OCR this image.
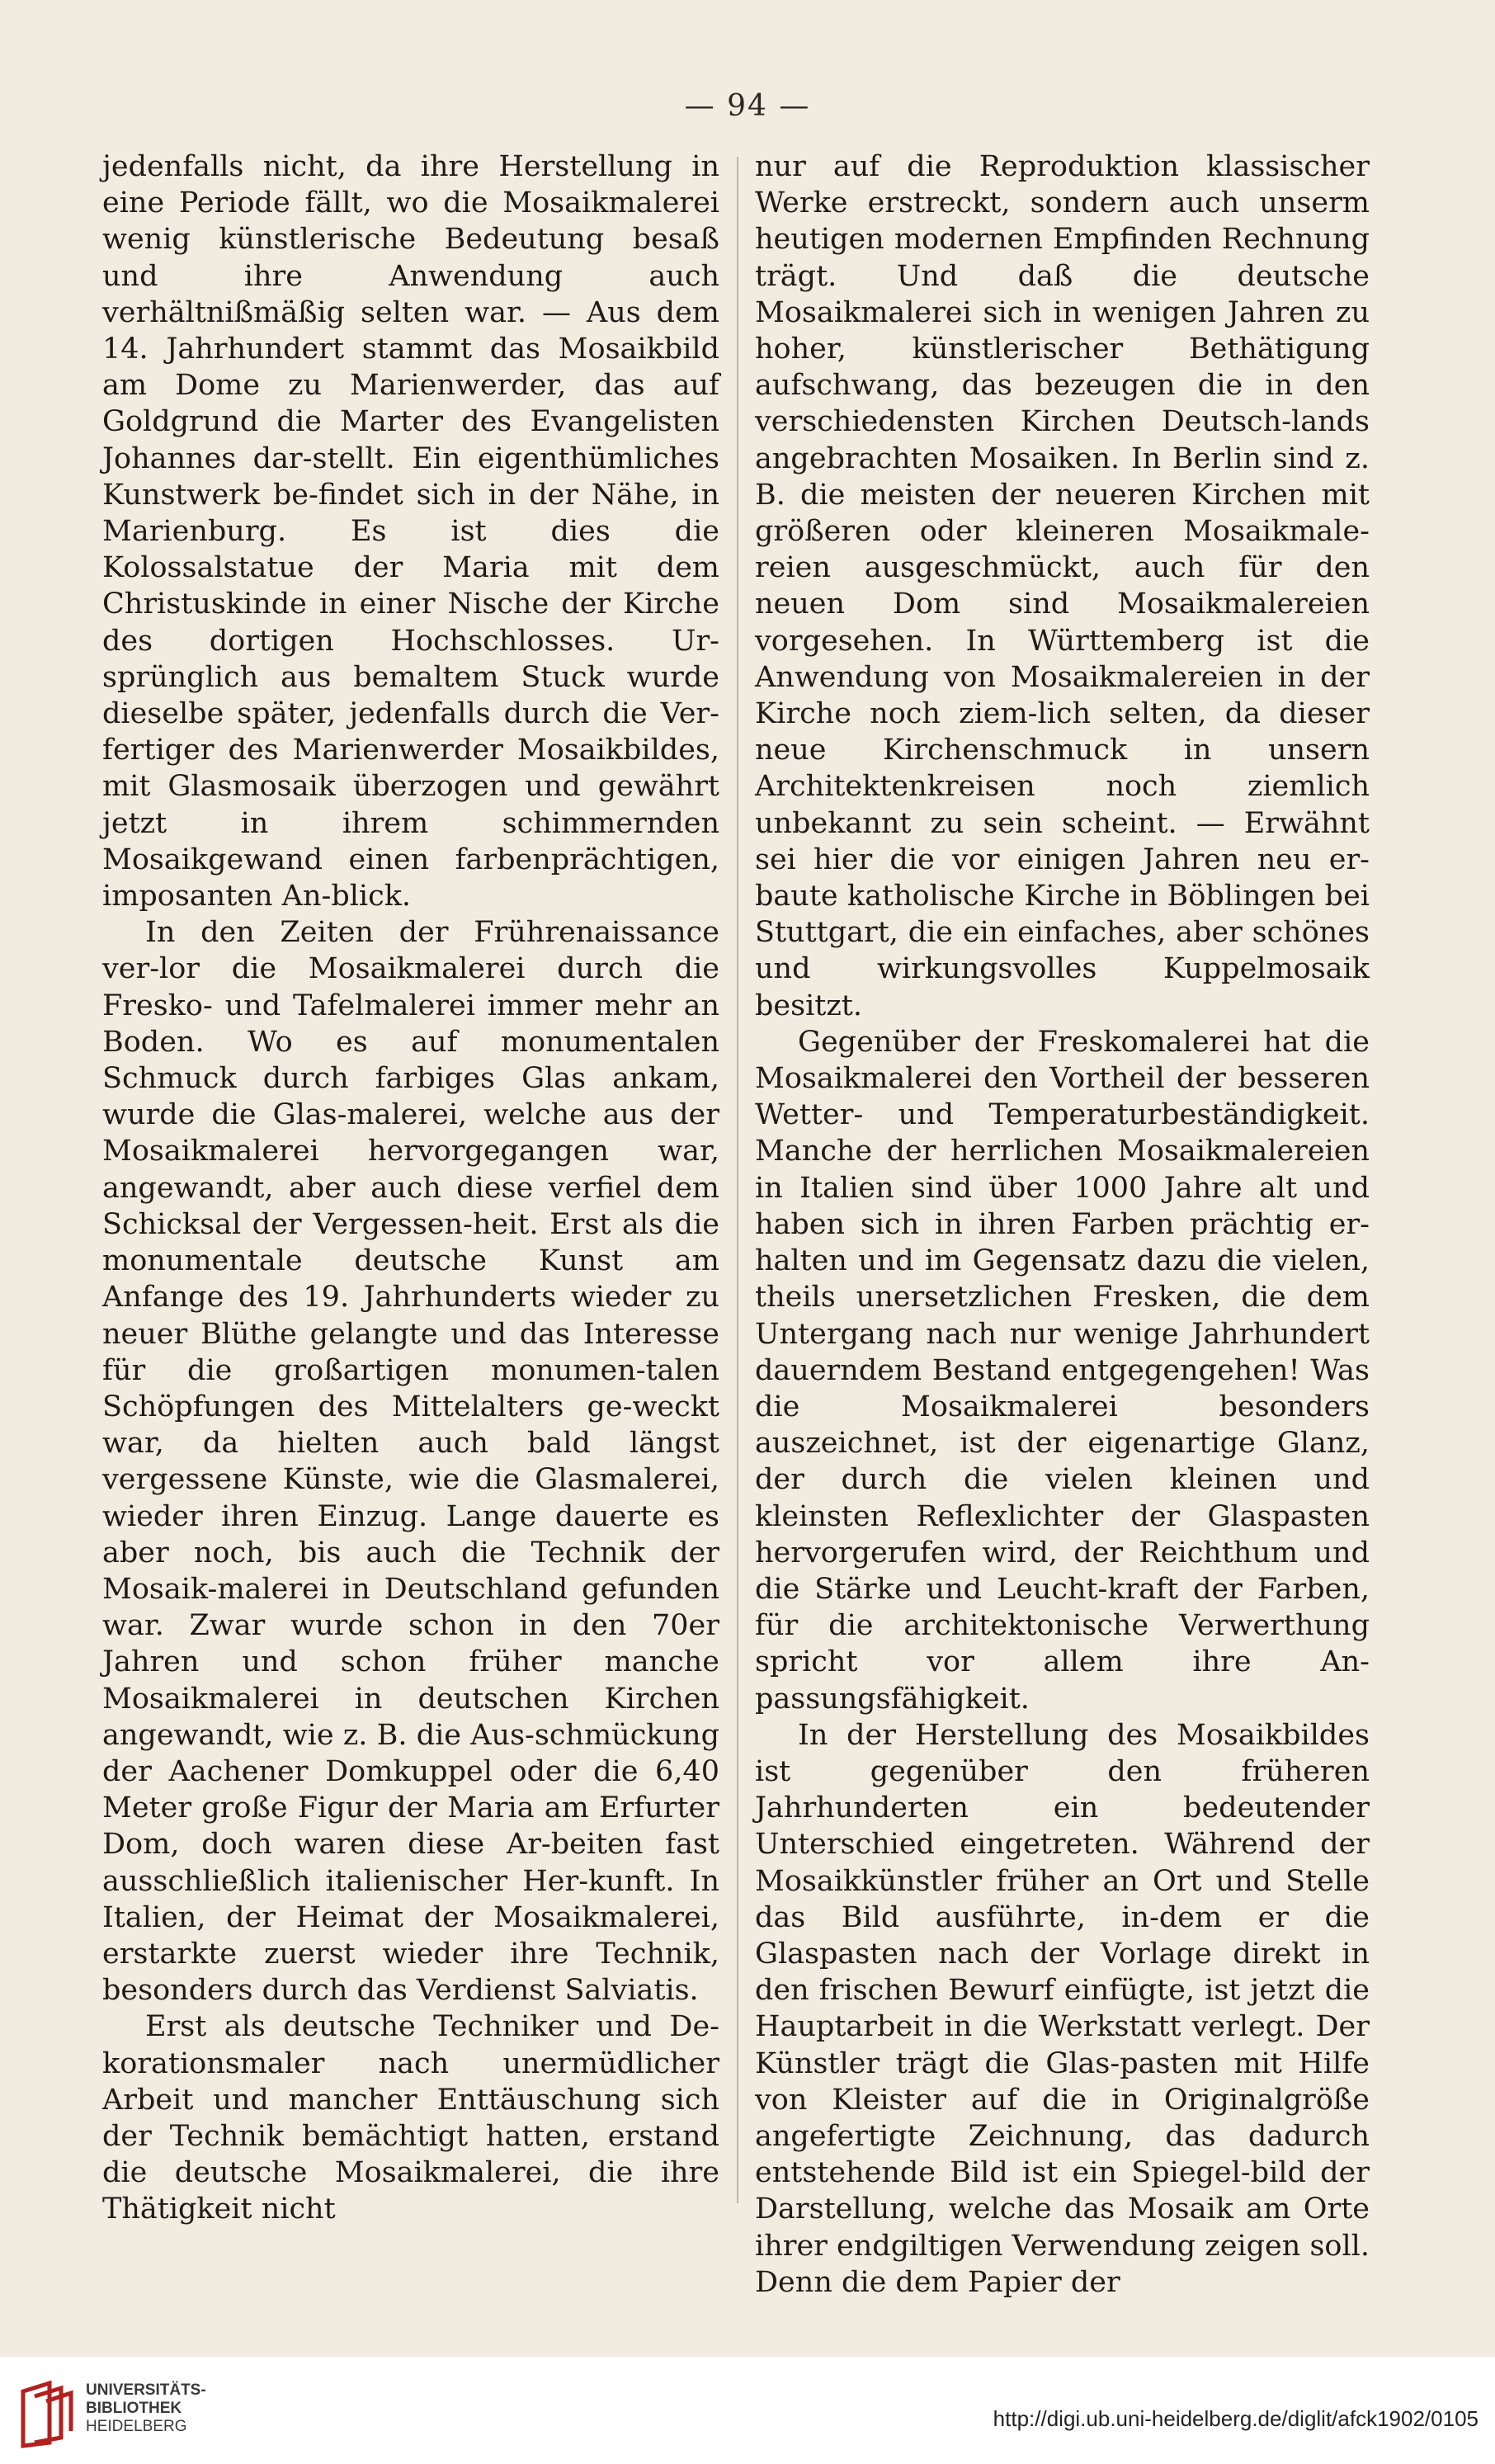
— 94 —

jedenfalls nicht, da ihre Herstellung in eine Periode fällt, wo die Mosaikmalerei wenig künstlerische Bedeutung besaß und ihre Anwendung auch verhältnißmäßig selten war. — Aus dem 14. Jahrhundert stammt das Mosaikbild am Dome zu Marienwerder, das auf Goldgrund die Marter des Evangelisten Johannes dar-stellt. Ein eigenthümliches Kunstwerk be-findet sich in der Nähe, in Marienburg. Es ist dies die Kolossalstatue der Maria mit dem Christuskinde in einer Nische der Kirche des dortigen Hochschlosses. Ur-sprünglich aus bemaltem Stuck wurde dieselbe später, jedenfalls durch die Ver-fertiger des Marienwerder Mosaikbildes, mit Glasmosaik überzogen und gewährt jetzt in ihrem schimmernden Mosaikgewand einen farbenprächtigen, imposanten An-blick.

In den Zeiten der Frührenaissance ver-lor die Mosaikmalerei durch die Fresko- und Tafelmalerei immer mehr an Boden. Wo es auf monumentalen Schmuck durch farbiges Glas ankam, wurde die Glas-malerei, welche aus der Mosaikmalerei hervorgegangen war, angewandt, aber auch diese verfiel dem Schicksal der Vergessen-heit. Erst als die monumentale deutsche Kunst am Anfange des 19. Jahrhunderts wieder zu neuer Blüthe gelangte und das Interesse für die großartigen monumen-talen Schöpfungen des Mittelalters ge-weckt war, da hielten auch bald längst vergessene Künste, wie die Glasmalerei, wieder ihren Einzug. Lange dauerte es aber noch, bis auch die Technik der Mosaik-malerei in Deutschland gefunden war. Zwar wurde schon in den 70er Jahren und schon früher manche Mosaikmalerei in deutschen Kirchen angewandt, wie z. B. die Aus-schmückung der Aachener Domkuppel oder die 6,40 Meter große Figur der Maria am Erfurter Dom, doch waren diese Ar-beiten fast ausschließlich italienischer Her-kunft. In Italien, der Heimat der Mosaikmalerei, erstarkte zuerst wieder ihre Technik, besonders durch das Verdienst Salviatis.

Erst als deutsche Techniker und De-korationsmaler nach unermüdlicher Arbeit und mancher Enttäuschung sich der Technik bemächtigt hatten, erstand die deutsche Mosaikmalerei, die ihre Thätigkeit nicht

nur auf die Reproduktion klassischer Werke erstreckt, sondern auch unserm heutigen modernen Empfinden Rechnung trägt. Und daß die deutsche Mosaikmalerei sich in wenigen Jahren zu hoher, künstlerischer Bethätigung aufschwang, das bezeugen die in den verschiedensten Kirchen Deutsch-lands angebrachten Mosaiken. In Berlin sind z. B. die meisten der neueren Kirchen mit größeren oder kleineren Mosaikmale-reien ausgeschmückt, auch für den neuen Dom sind Mosaikmalereien vorgesehen. In Württemberg ist die Anwendung von Mosaikmalereien in der Kirche noch ziem-lich selten, da dieser neue Kirchenschmuck in unsern Architektenkreisen noch ziemlich unbekannt zu sein scheint. — Erwähnt sei hier die vor einigen Jahren neu er-baute katholische Kirche in Böblingen bei Stuttgart, die ein einfaches, aber schönes und wirkungsvolles Kuppelmosaik besitzt.

Gegenüber der Freskomalerei hat die Mosaikmalerei den Vortheil der besseren Wetter- und Temperaturbeständigkeit. Manche der herrlichen Mosaikmalereien in Italien sind über 1000 Jahre alt und haben sich in ihren Farben prächtig er-halten und im Gegensatz dazu die vielen, theils unersetzlichen Fresken, die dem Untergang nach nur wenige Jahrhundert dauerndem Bestand entgegengehen! Was die Mosaikmalerei besonders auszeichnet, ist der eigenartige Glanz, der durch die vielen kleinen und kleinsten Reflexlichter der Glaspasten hervorgerufen wird, der Reichthum und die Stärke und Leucht-kraft der Farben, für die architektonische Verwerthung spricht vor allem ihre An-passungsfähigkeit.

In der Herstellung des Mosaikbildes ist gegenüber den früheren Jahrhunderten ein bedeutender Unterschied eingetreten. Während der Mosaikkünstler früher an Ort und Stelle das Bild ausführte, in-dem er die Glaspasten nach der Vorlage direkt in den frischen Bewurf einfügte, ist jetzt die Hauptarbeit in die Werkstatt verlegt. Der Künstler trägt die Glas-pasten mit Hilfe von Kleister auf die in Originalgröße angefertigte Zeichnung, das dadurch entstehende Bild ist ein Spiegel-bild der Darstellung, welche das Mosaik am Orte ihrer endgiltigen Verwendung zeigen soll. Denn die dem Papier der

UNIVERSITÄTS-
BIBLIOTHEK
HEIDELBERG	http://digi.ub.uni-heidelberg.de/diglit/afck1902/0105
